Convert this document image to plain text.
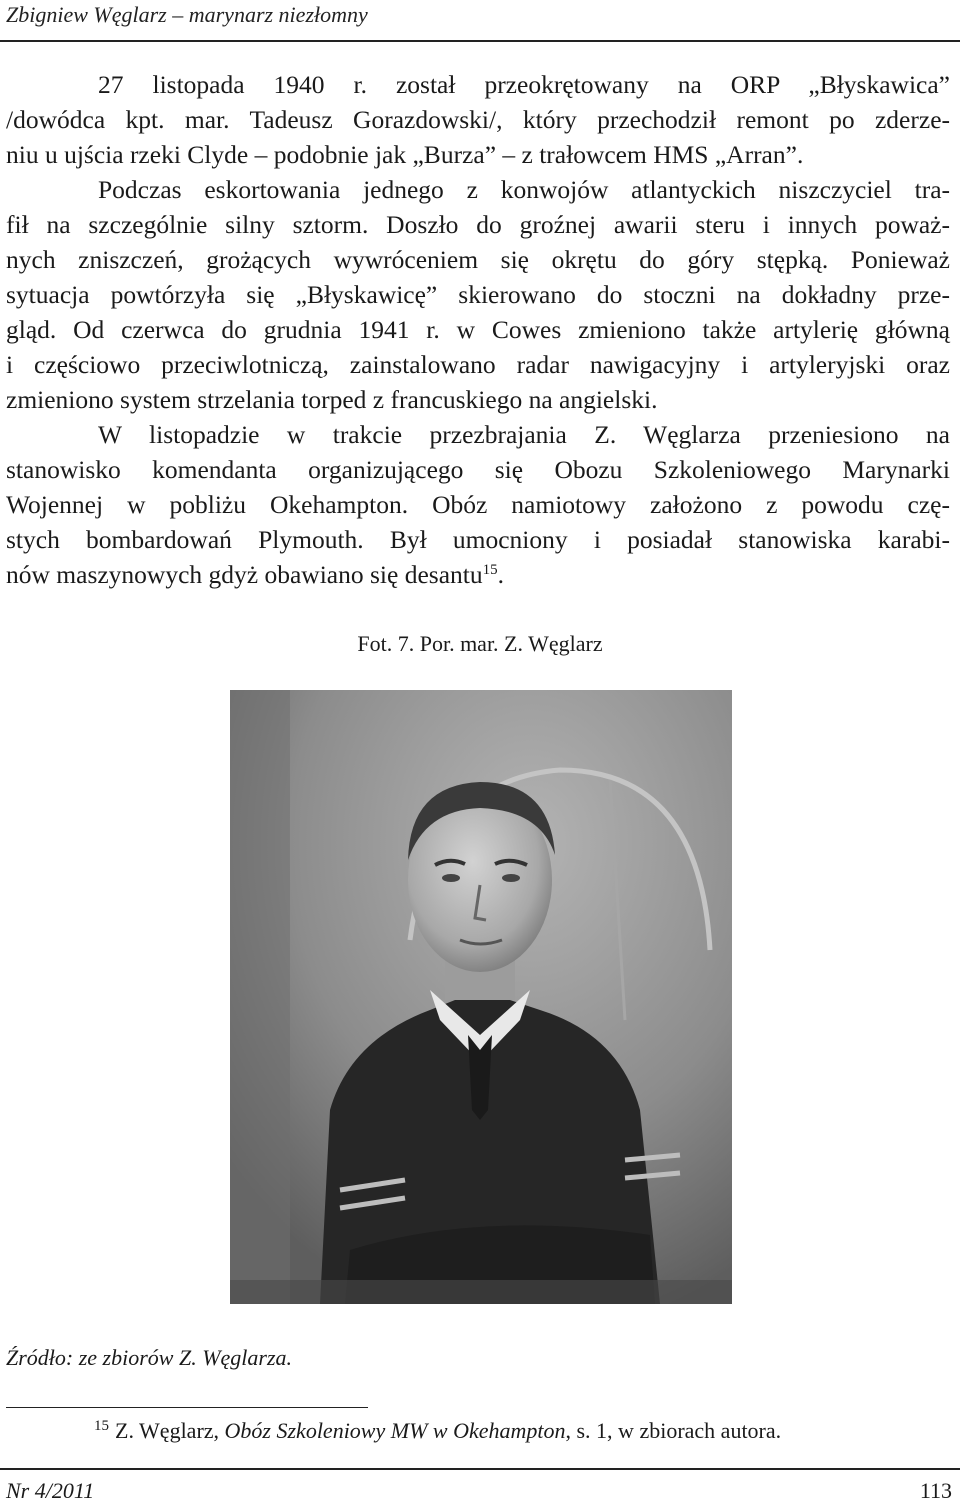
Zbigniew Węglarz – marynarz niezłomny
27 listopada 1940 r. został przeokrętowany na ORP „Błyskawica”
/dowódca kpt. mar. Tadeusz Gorazdowski/, który przechodził remont po zderze-
niu u ujścia rzeki Clyde – podobnie jak „Burza” – z trałowcem HMS „Arran”.
Podczas eskortowania jednego z konwojów atlantyckich niszczyciel tra-
fił na szczególnie silny sztorm. Doszło do groźnej awarii steru i innych poważ-
nych zniszczeń, grożących wywróceniem się okrętu do góry stępką. Ponieważ
sytuacja powtórzyła się „Błyskawicę” skierowano do stoczni na dokładny prze-
gląd. Od czerwca do grudnia 1941 r. w Cowes zmieniono także artylerię główną
i częściowo przeciwlotniczą, zainstalowano radar nawigacyjny i artyleryjski oraz
zmieniono system strzelania torped z francuskiego na angielski.
W listopadzie w trakcie przezbrajania Z. Węglarza przeniesiono na
stanowisko komendanta organizującego się Obozu Szkoleniowego Marynarki
Wojennej w pobliżu Okehampton. Obóz namiotowy założono z powodu czę-
stych bombardowań Plymouth. Był umocniony i posiadał stanowiska karabi-
nów maszynowych gdyż obawiano się desantu$^{15}$.
Fot. 7. Por. mar. Z. Węglarz
Źródło: ze zbiorów Z. Węglarza.
$^{15}$ Z. Węglarz, Obóz Szkoleniowy MW w Okehampton, s. 1, w zbiorach autora.
Nr 4/2011	113
